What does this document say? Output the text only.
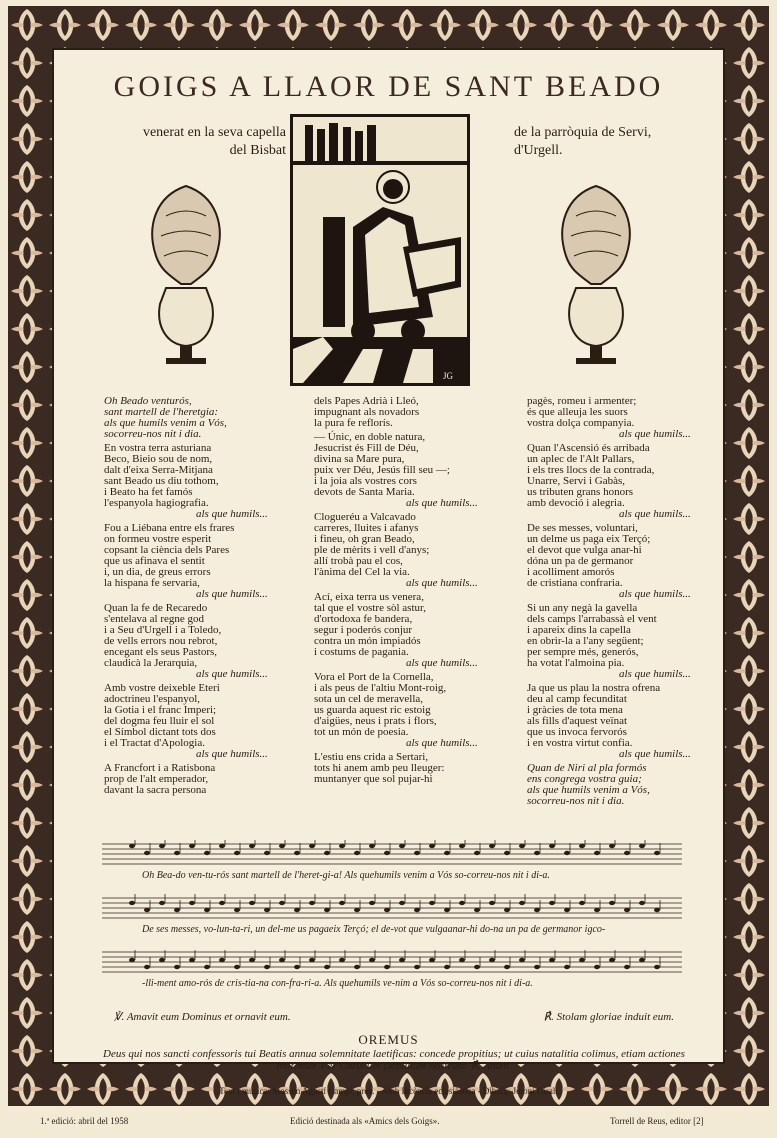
GOIGS A LLAOR DE SANT BEADO
venerat en la seva capella
del Bisbat
de la parròquia de Servi,
d'Urgell.
JG
Oh Beado venturós,
sant martell de l'heretgia:
als que humils venim a Vós,
socorreu-nos nit i dia.
En vostra terra asturiana
Beco, Bieio sou de nom,
dalt d'eixa Serra-Mitjana
sant Beado us diu tothom,
i Beato ha fet famós
l'espanyola hagiografia.
als que humils...
Fou a Liébana entre els frares
on formeu vostre esperit
copsant la ciència dels Pares
que us afinava el sentit
i, un dia, de greus errors
la hispana fe servaria,
als que humils...
Quan la fe de Recaredo
s'entelava al regne god
i a Seu d'Urgell i a Toledo,
de vells errors nou rebrot,
encegant els seus Pastors,
claudicà la Jerarquia,
als que humils...
Amb vostre deixeble Eteri
adoctrineu l'espanyol,
la Gotia i el franc Imperi;
del dogma feu lluir el sol
el Símbol dictant tots dos
i el Tractat d'Apologia.
als que humils...
A Francfort i a Ratisbona
prop de l'alt emperador,
davant la sacra persona
dels Papes Adrià i Lleó,
impugnant als novadors
la pura fe reflorís.
— Únic, en doble natura,
Jesucrist és Fill de Déu,
divina sa Mare pura,
puix ver Déu, Jesús fill seu —;
i la joia als vostres cors
devots de Santa Maria.
als que humils...
Clogueréu a Valcavado
carreres, lluites i afanys
i fineu, oh gran Beado,
ple de mèrits i vell d'anys;
allí trobà pau el cos,
l'ànima del Cel la via.
als que humils...
Ací, eixa terra us venera,
tal que el vostre sòl astur,
d'ortodoxa fe bandera,
segur i poderós conjur
contra un món impiadós
i costums de pagania.
als que humils...
Vora el Port de la Cornella,
i als peus de l'altiu Mont-roig,
sota un cel de meravella,
us guarda aquest ric estoig
d'aigües, neus i prats i flors,
tot un món de poesia.
als que humils...
L'estiu ens crida a Sertari,
tots hi anem amb peu lleuger:
muntanyer que sol pujar-hi
pagès, romeu i armenter;
és que alleuja les suors
vostra dolça companyia.
als que humils...
Quan l'Ascensió és arribada
un aplec de l'Alt Pallars,
i els tres llocs de la contrada,
Unarre, Servi i Gabàs,
us tributen grans honors
amb devoció i alegria.
als que humils...
De ses messes, voluntari,
un delme us paga eix Terçó;
el devot que vulga anar-hi
dóna un pa de germanor
i acolliment amorós
de cristiana confraria.
als que humils...
Si un any negà la gavella
dels camps l'arrabassà el vent
i apareix dins la capella
en obrir-la a l'any següent;
per sempre més, generós,
ha votat l'almoina pia.
als que humils...
Ja que us plau la nostra ofrena
deu al camp fecunditat
i gràcies de tota mena
als fills d'aquest veïnat
que us invoca fervorós
i en vostra virtut confia.
als que humils...
Quan de Niri al pla formós
ens congrega vostra guia;
als que humils venim a Vós,
socorreu-nos nit i dia.
Oh Bea-do ven-tu-rós sant martell de l'heret-gi-a! Als quehumils venim a Vós so-correu-nos nit i di-a.
De ses messes, vo-lun-ta-ri, un del-me us pagaeix Terçó; el de-vot que vulgaanar-hi do-na un pa de germanor igco-
-lli-ment amo-rós de cris-tia-na con-fra-ri-a. Als quehumils ve-nim a Vós so-correu-nos nit i di-a.
℣. Amavit eum Dominus et ornavit eum.	℟. Stolam gloriae induit eum.
OREMUS
Deus qui nos sancti confessoris tui Beatis annua solemnitate laetificas: concede propitius; ut cuius natalitia colimus, etiam actiones imitemur. Per Christum Dominum nostrum. ℟. Amen.
Text i música: Mossèn Agustí Campi, prev. - Amb llicència eclesiàstica - Dibuix: Jeroni Giralt
1.ª edició: abril del 1958	Edició destinada als «Amics dels Goigs».	Torrell de Reus, editor [2]
